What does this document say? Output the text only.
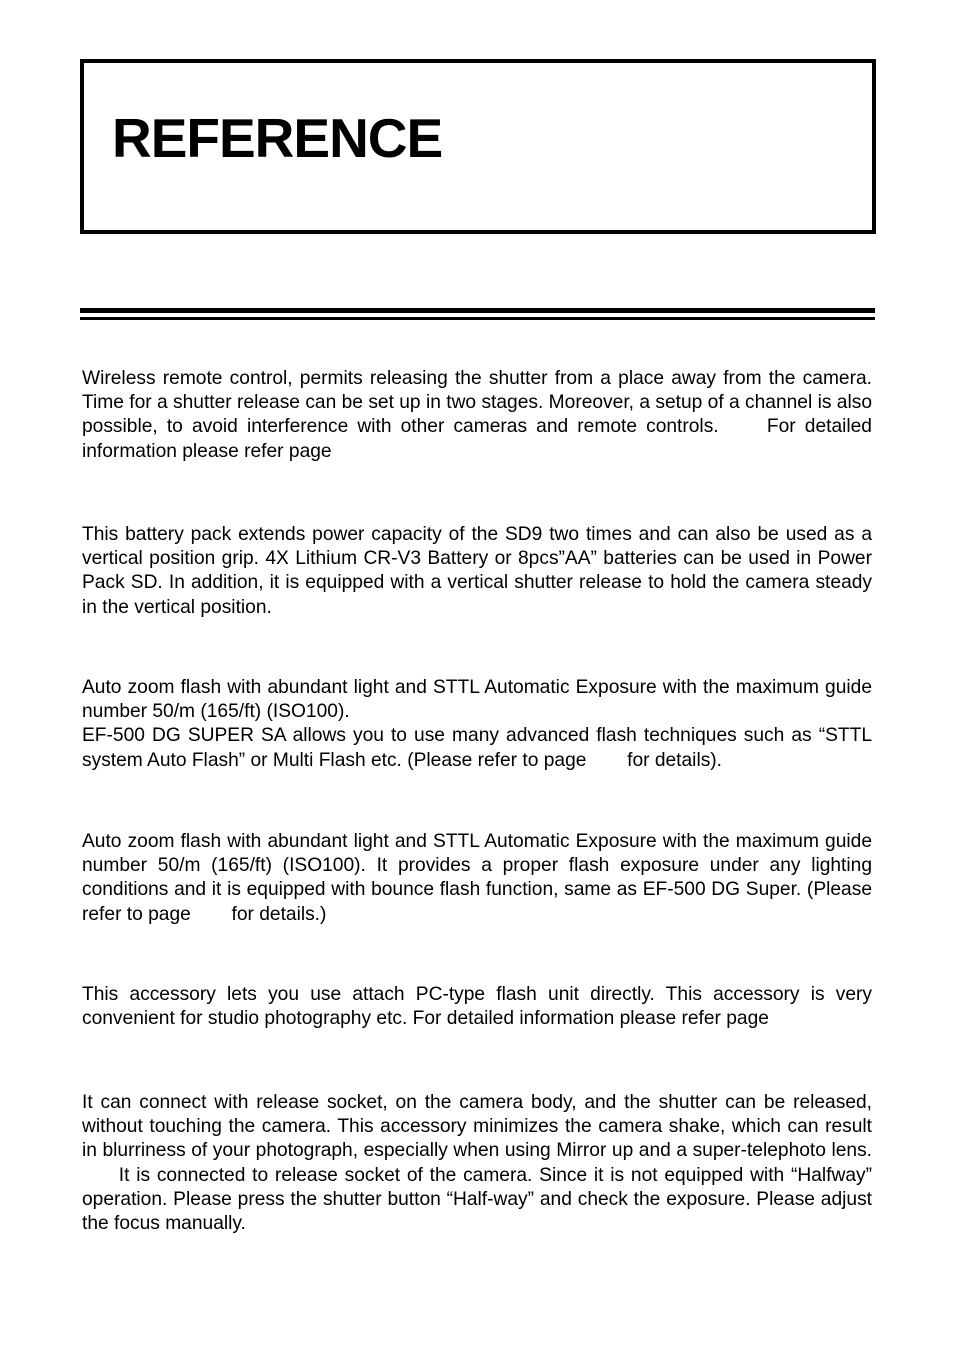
REFERENCE

Wireless remote control, permits releasing the shutter from a place away from the camera. Time for a shutter release can be set up in two stages. Moreover, a setup of a channel is also possible, to avoid interference with other cameras and remote controls.	For detailed information please refer page

This battery pack extends power capacity of the SD9 two times and can also be used as a vertical position grip. 4X Lithium CR-V3 Battery or 8pcs”AA” batteries can be used in Power Pack SD. In addition, it is equipped with a vertical shutter release to hold the camera steady in the vertical position.

Auto zoom flash with abundant light and STTL Automatic Exposure with the maximum guide number 50/m (165/ft) (ISO100).
EF-500 DG SUPER SA allows you to use many advanced flash techniques such as “STTL system Auto Flash” or Multi Flash etc. (Please refer to page for details).

Auto zoom flash with abundant light and STTL Automatic Exposure with the maximum guide number 50/m (165/ft) (ISO100). It provides a proper flash exposure under any lighting conditions and it is equipped with bounce flash function, same as EF-500 DG Super. (Please refer to page for details.)

This accessory lets you use attach PC-type flash unit directly. This accessory is very convenient for studio photography etc. For detailed information please refer page

It can connect with release socket, on the camera body, and the shutter can be released, without touching the camera. This accessory minimizes the camera shake, which can result in blurriness of your photograph, especially when using Mirror up and a super-telephoto lens.  It is connected to release socket of the camera. Since it is not equipped with “Halfway” operation. Please press the shutter button “Half-way” and check the exposure. Please adjust the focus manually.
